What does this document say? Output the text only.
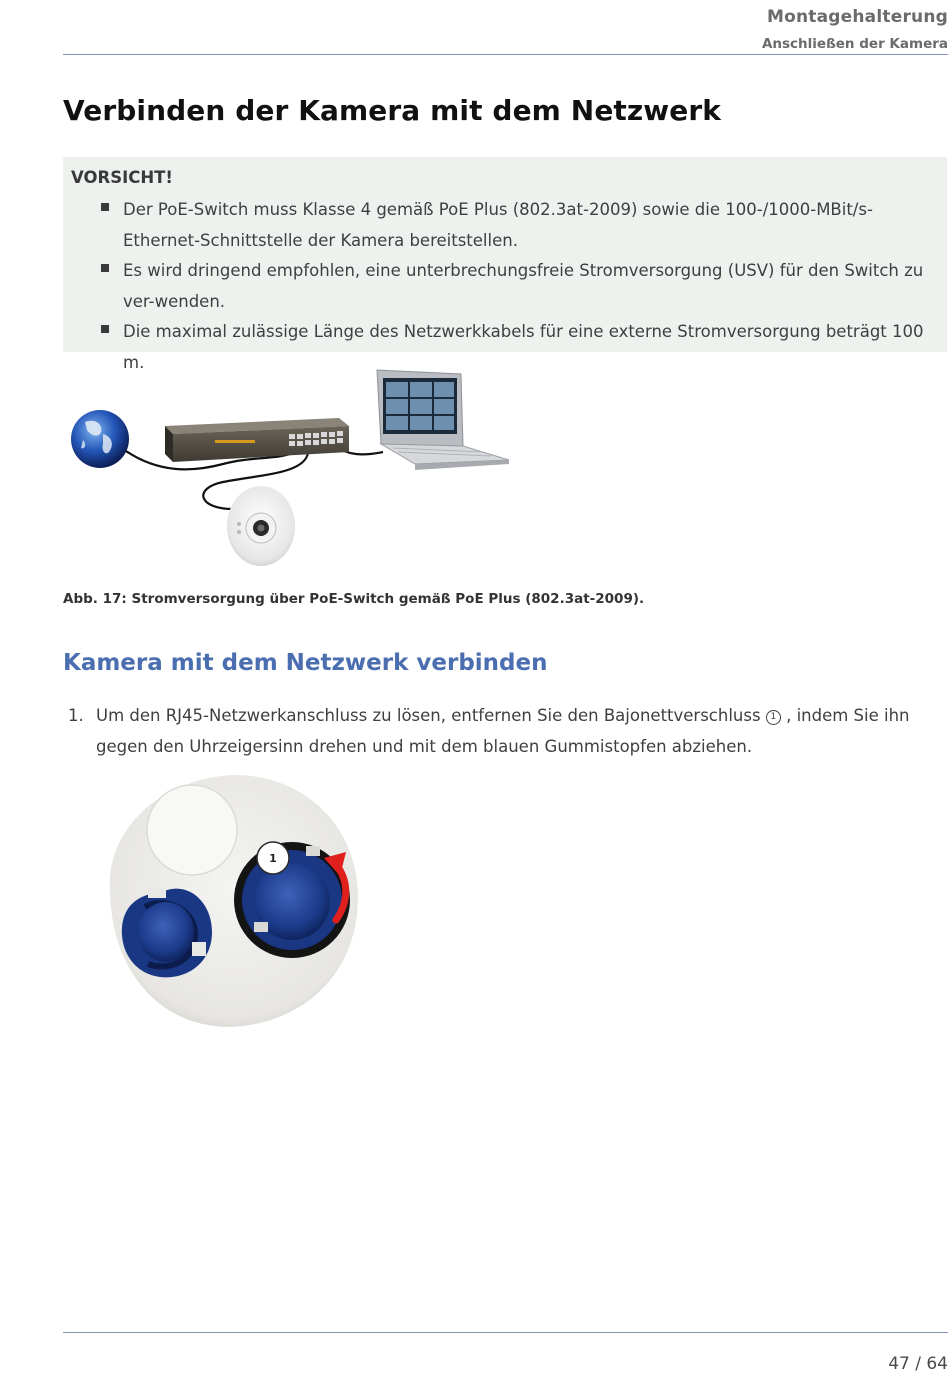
Montagehalterung
Anschließen der Kamera
Verbinden der Kamera mit dem Netzwerk
VORSICHT!
Der PoE-Switch muss Klasse 4 gemäß PoE Plus (802.3at-2009) sowie die 100-/1000-MBit/s-Ethernet-Schnittstelle der Kamera bereitstellen.
Es wird dringend empfohlen, eine unterbrechungsfreie Stromversorgung (USV) für den Switch zu ver-wenden.
Die maximal zulässige Länge des Netzwerkkabels für eine externe Stromversorgung beträgt 100 m.
Abb. 17: Stromversorgung über PoE-Switch gemäß PoE Plus (802.3at-2009).
Kamera mit dem Netzwerk verbinden
1. Um den RJ45-Netzwerkanschluss zu lösen, entfernen Sie den Bajonettverschluss 1 , indem Sie ihn gegen den Uhrzeigersinn drehen und mit dem blauen Gummistopfen abziehen.
1
47 / 64
